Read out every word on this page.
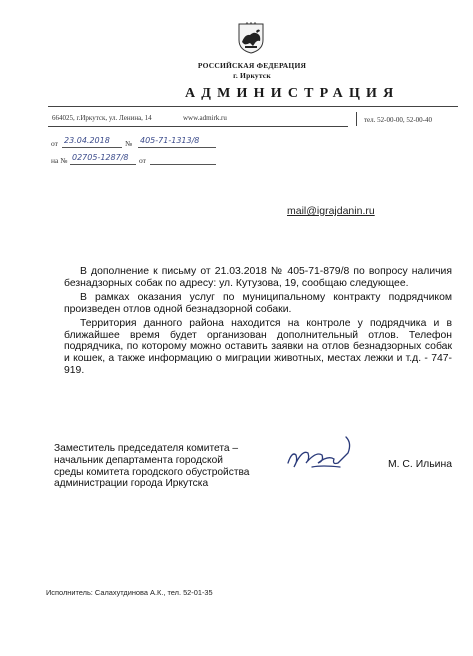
РОССИЙСКАЯ ФЕДЕРАЦИЯ
г. Иркутск
АДМИНИСТРАЦИЯ
664025, г.Иркутск, ул. Ленина, 14	www.admirk.ru	тел. 52-00-00, 52-00-40
от 23.04.2018 № 405-71-1313/8
на № 02705-1287/8 от
mail@igrajdanin.ru

В дополнение к письму от 21.03.2018 № 405-71-879/8 по вопросу наличия безнадзорных собак по адресу: ул. Кутузова, 19, сообщаю следующее.

В рамках оказания услуг по муниципальному контракту подрядчиком произведен отлов одной безнадзорной собаки.

Территория данного района находится на контроле у подрядчика и в ближайшее время будет организован дополнительный отлов. Телефон подрядчика, по которому можно оставить заявки на отлов безнадзорных собак и кошек, а также информацию о миграции животных, местах лежки и т.д. - 747-919.

Заместитель председателя комитета –
начальник департамента городской
среды комитета городского обустройства
администрации города Иркутска
М. С. Ильина
Исполнитель: Салахутдинова А.К., тел. 52-01-35
